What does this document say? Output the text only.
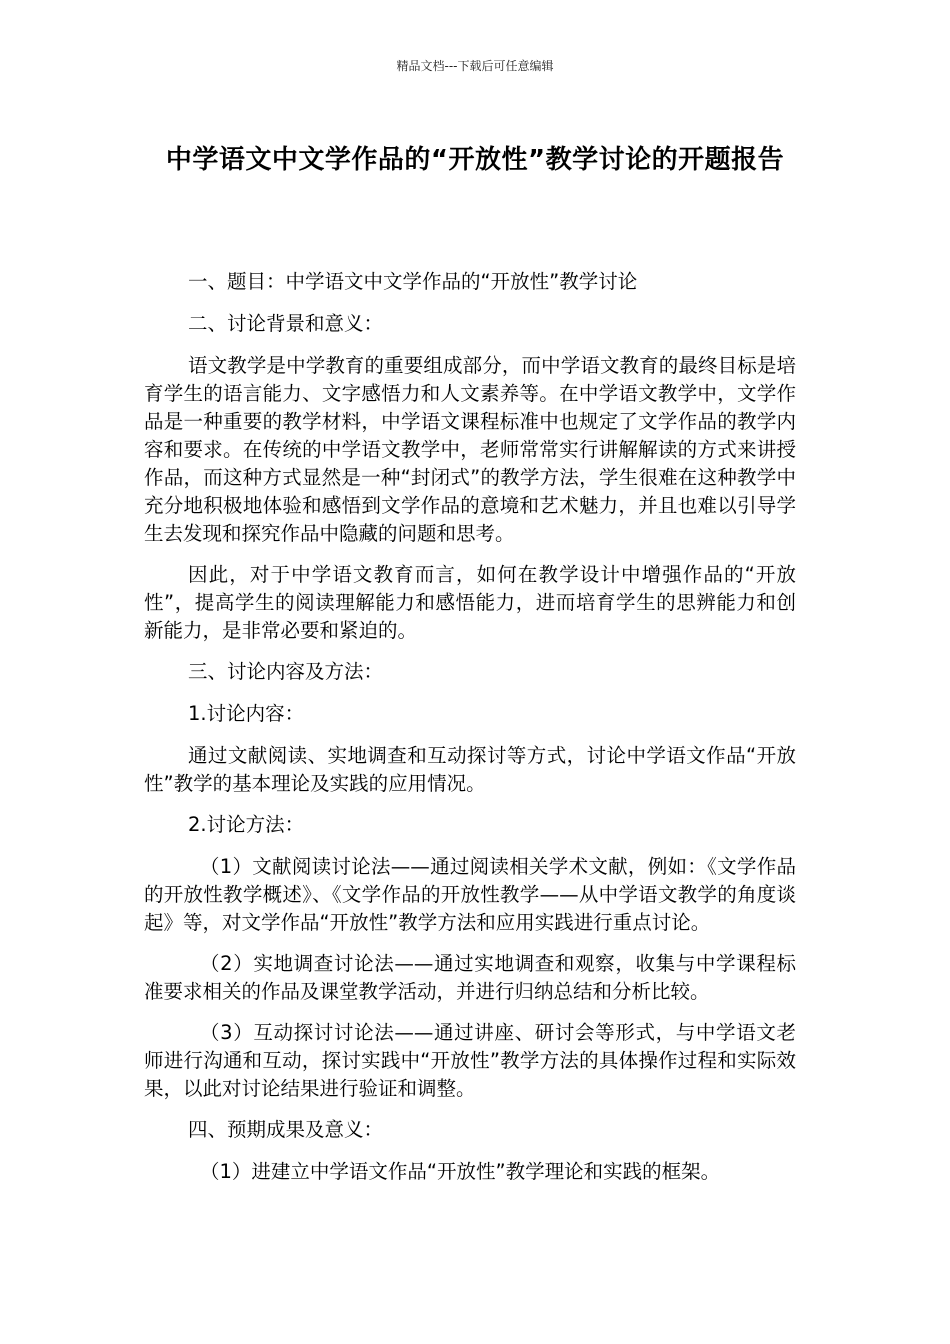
精品文档---下载后可任意编辑
中学语文中文学作品的“开放性”教学讨论的开题报告

一、题目：中学语文中文学作品的“开放性”教学讨论

二、讨论背景和意义：

语文教学是中学教育的重要组成部分，而中学语文教育的最终目标是培育学生的语言能力、文字感悟力和人文素养等。在中学语文教学中，文学作品是一种重要的教学材料，中学语文课程标准中也规定了文学作品的教学内容和要求。在传统的中学语文教学中，老师常常实行讲解解读的方式来讲授作品，而这种方式显然是一种“封闭式”的教学方法，学生很难在这种教学中充分地积极地体验和感悟到文学作品的意境和艺术魅力，并且也难以引导学生去发现和探究作品中隐藏的问题和思考。

因此，对于中学语文教育而言，如何在教学设计中增强作品的“开放性”，提高学生的阅读理解能力和感悟能力，进而培育学生的思辨能力和创新能力，是非常必要和紧迫的。

三、讨论内容及方法：

1.讨论内容：

通过文献阅读、实地调查和互动探讨等方式，讨论中学语文作品“开放性”教学的基本理论及实践的应用情况。

2.讨论方法：

（1）文献阅读讨论法——通过阅读相关学术文献，例如：《文学作品的开放性教学概述》、《文学作品的开放性教学——从中学语文教学的角度谈起》等，对文学作品“开放性”教学方法和应用实践进行重点讨论。

（2）实地调查讨论法——通过实地调查和观察，收集与中学课程标准要求相关的作品及课堂教学活动，并进行归纳总结和分析比较。

（3）互动探讨讨论法——通过讲座、研讨会等形式，与中学语文老师进行沟通和互动，探讨实践中“开放性”教学方法的具体操作过程和实际效果，以此对讨论结果进行验证和调整。

四、预期成果及意义：

（1）进建立中学语文作品“开放性”教学理论和实践的框架。
